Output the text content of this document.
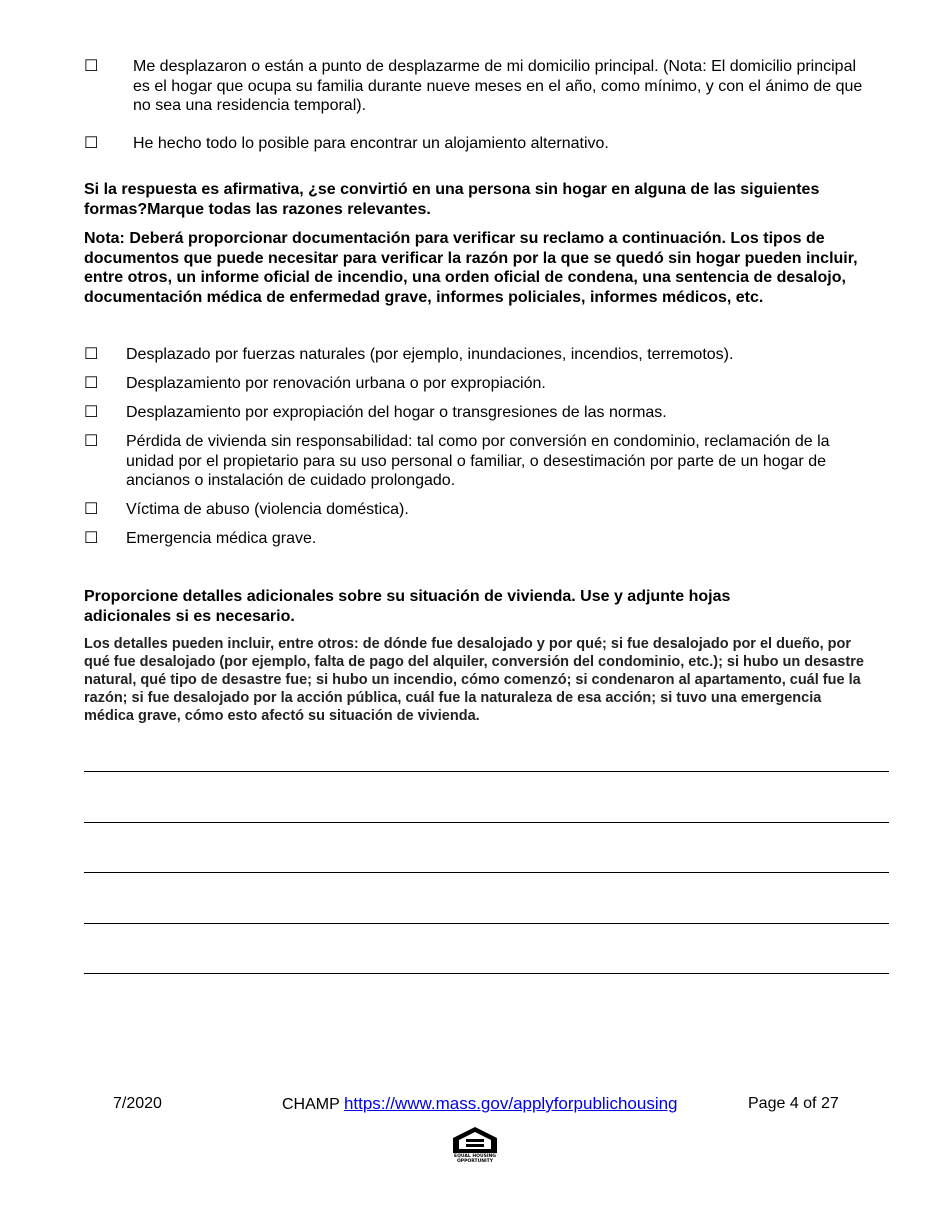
☐ Me desplazaron o están a punto de desplazarme de mi domicilio principal. (Nota: El domicilio principal es el hogar que ocupa su familia durante nueve meses en el año, como mínimo, y con el ánimo de que no sea una residencia temporal).
☐ He hecho todo lo posible para encontrar un alojamiento alternativo.
Si la respuesta es afirmativa, ¿se convirtió en una persona sin hogar en alguna de las siguientes formas?Marque todas las razones relevantes.
Nota: Deberá proporcionar documentación para verificar su reclamo a continuación. Los tipos de documentos que puede necesitar para verificar la razón por la que se quedó sin hogar pueden incluir, entre otros, un informe oficial de incendio, una orden oficial de condena, una sentencia de desalojo, documentación médica de enfermedad grave, informes policiales, informes médicos, etc.
☐ Desplazado por fuerzas naturales (por ejemplo, inundaciones, incendios, terremotos).
☐ Desplazamiento por renovación urbana o por expropiación.
☐ Desplazamiento por expropiación del hogar o transgresiones de las normas.
☐ Pérdida de vivienda sin responsabilidad: tal como por conversión en condominio, reclamación de la unidad por el propietario para su uso personal o familiar, o desestimación por parte de un hogar de ancianos o instalación de cuidado prolongado.
☐ Víctima de abuso (violencia doméstica).
☐ Emergencia médica grave.
Proporcione detalles adicionales sobre su situación de vivienda. Use y adjunte hojas adicionales si es necesario.
Los detalles pueden incluir, entre otros: de dónde fue desalojado y por qué; si fue desalojado por el dueño, por qué fue desalojado (por ejemplo, falta de pago del alquiler, conversión del condominio, etc.); si hubo un desastre natural, qué tipo de desastre fue; si hubo un incendio, cómo comenzó; si condenaron al apartamento, cuál fue la razón; si fue desalojado por la acción pública, cuál fue la naturaleza de esa acción; si tuvo una emergencia médica grave, cómo esto afectó su situación de vivienda.
7/2020	CHAMP https://www.mass.gov/applyforpublichousing	Page 4 of 27
EQUAL HOUSING OPPORTUNITY
